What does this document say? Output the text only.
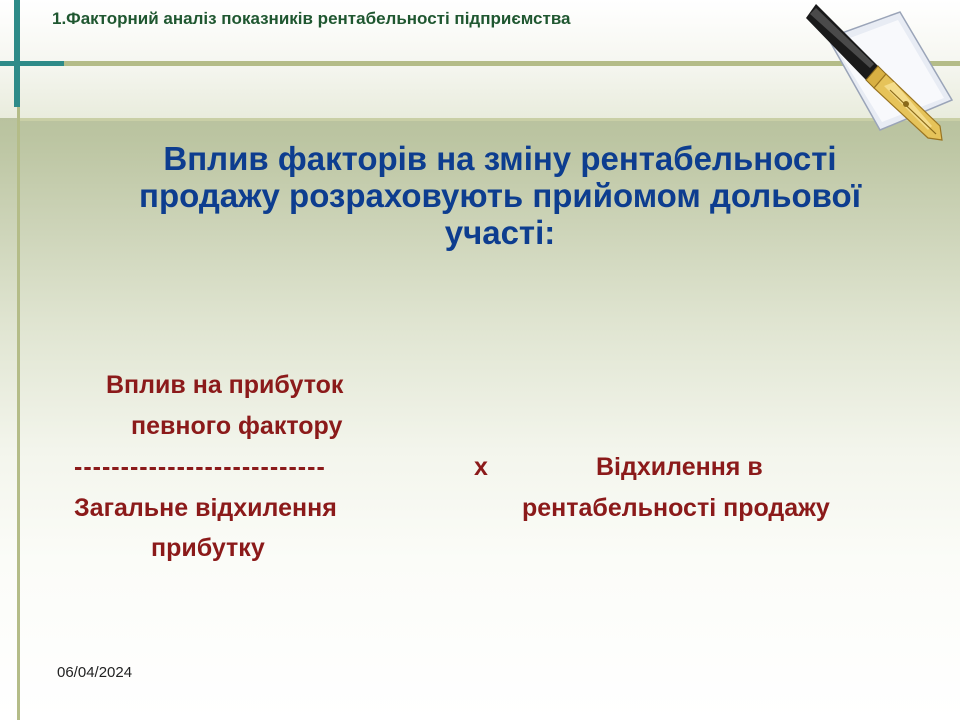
1.Факторний аналіз показників рентабельності підприємства
Вплив факторів на зміну рентабельності
продажу розраховують прийомом дольової
участі:
Вплив на прибуток
певного фактору
---------------------------	х	Відхилення в
рентабельності продажу
Загальне відхилення
прибутку
06/04/2024
